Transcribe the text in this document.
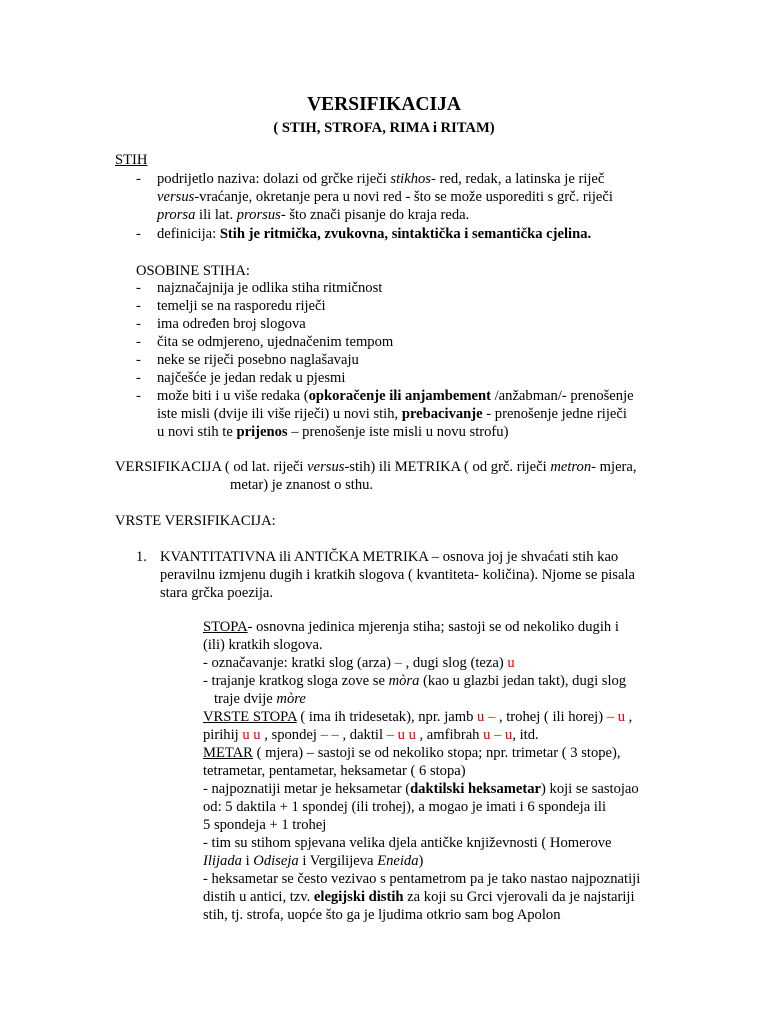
VERSIFIKACIJA
( STIH, STROFA, RIMA i RITAM)
STIH
- podrijetlo naziva: dolazi od grčke riječi stikhos- red, redak, a latinska je riječ
versus-vraćanje, okretanje pera u novi red - što se može usporediti s grč. riječi
prorsa ili lat. prorsus- što znači pisanje do kraja reda.
- definicija: Stih je ritmička, zvukovna, sintaktička i semantička cjelina.
OSOBINE STIHA:
- najznačajnija je odlika stiha ritmičnost
- temelji se na rasporedu riječi
- ima određen broj slogova
- čita se odmjereno, ujednačenim tempom
- neke se riječi posebno naglašavaju
- najčešće je jedan redak u pjesmi
- može biti i u više redaka (opkoračenje ili anjambement /anžabman/- prenošenje
iste misli (dvije ili više riječi) u novi stih, prebacivanje - prenošenje jedne riječi
u novi stih te prijenos – prenošenje iste misli u novu strofu)
VERSIFIKACIJA ( od lat. riječi versus-stih) ili METRIKA ( od grč. riječi metron- mjera,
metar) je znanost o sthu.
VRSTE VERSIFIKACIJA:
1. KVANTITATIVNA ili ANTIČKA METRIKA – osnova joj je shvaćati stih kao
peravilnu izmjenu dugih i kratkih slogova ( kvantiteta- količina). Njome se pisala
stara grčka poezija.
STOPA- osnovna jedinica mjerenja stiha; sastoji se od nekoliko dugih i
(ili) kratkih slogova.
- označavanje: kratki slog (arza) – , dugi slog (teza) u
- trajanje kratkog sloga zove se mòra (kao u glazbi jedan takt), dugi slog
traje dvije mòre
VRSTE STOPA ( ima ih tridesetak), npr. jamb u – , trohej ( ili horej) – u ,
pirihij u u , spondej – – , daktil – u u , amfibrah u – u, itd.
METAR ( mjera) – sastoji se od nekoliko stopa; npr. trimetar ( 3 stope),
tetrametar, pentametar, heksametar ( 6 stopa)
- najpoznatiji metar je heksametar (daktilski heksametar) koji se sastojao
od: 5 daktila + 1 spondej (ili trohej), a mogao je imati i 6 spondeja ili
5 spondeja + 1 trohej
- tim su stihom spjevana velika djela antičke književnosti ( Homerove
Ilijada i Odiseja i Vergilijeva Eneida)
- heksametar se često vezivao s pentametrom pa je tako nastao najpoznatiji
distih u antici, tzv. elegijski distih za koji su Grci vjerovali da je najstariji
stih, tj. strofa, uopće što ga je ljudima otkrio sam bog Apolon
